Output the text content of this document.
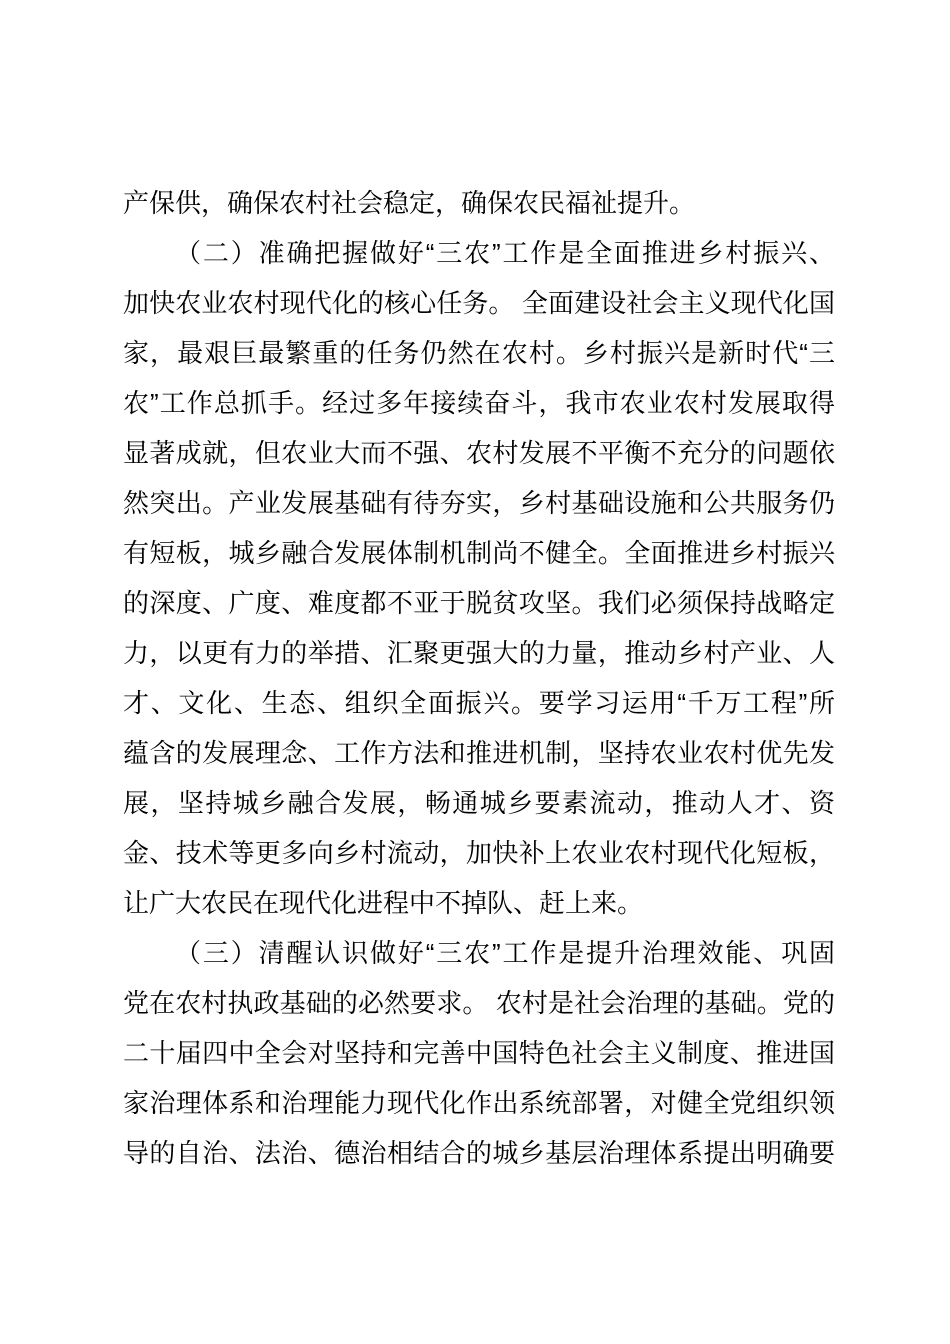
产保供，确保农村社会稳定，确保农民福祉提升。
（二）准确把握做好“三农”工作是全面推进乡村振兴、
加快农业农村现代化的核心任务。 全面建设社会主义现代化国
家，最艰巨最繁重的任务仍然在农村。乡村振兴是新时代“三
农”工作总抓手。经过多年接续奋斗，我市农业农村发展取得
显著成就，但农业大而不强、农村发展不平衡不充分的问题依
然突出。产业发展基础有待夯实，乡村基础设施和公共服务仍
有短板，城乡融合发展体制机制尚不健全。全面推进乡村振兴
的深度、广度、难度都不亚于脱贫攻坚。我们必须保持战略定
力，以更有力的举措、汇聚更强大的力量，推动乡村产业、人
才、文化、生态、组织全面振兴。要学习运用“千万工程”所
蕴含的发展理念、工作方法和推进机制，坚持农业农村优先发
展，坚持城乡融合发展，畅通城乡要素流动，推动人才、资
金、技术等更多向乡村流动，加快补上农业农村现代化短板，
让广大农民在现代化进程中不掉队、赶上来。
（三）清醒认识做好“三农”工作是提升治理效能、巩固
党在农村执政基础的必然要求。 农村是社会治理的基础。党的
二十届四中全会对坚持和完善中国特色社会主义制度、推进国
家治理体系和治理能力现代化作出系统部署，对健全党组织领
导的自治、法治、德治相结合的城乡基层治理体系提出明确要
